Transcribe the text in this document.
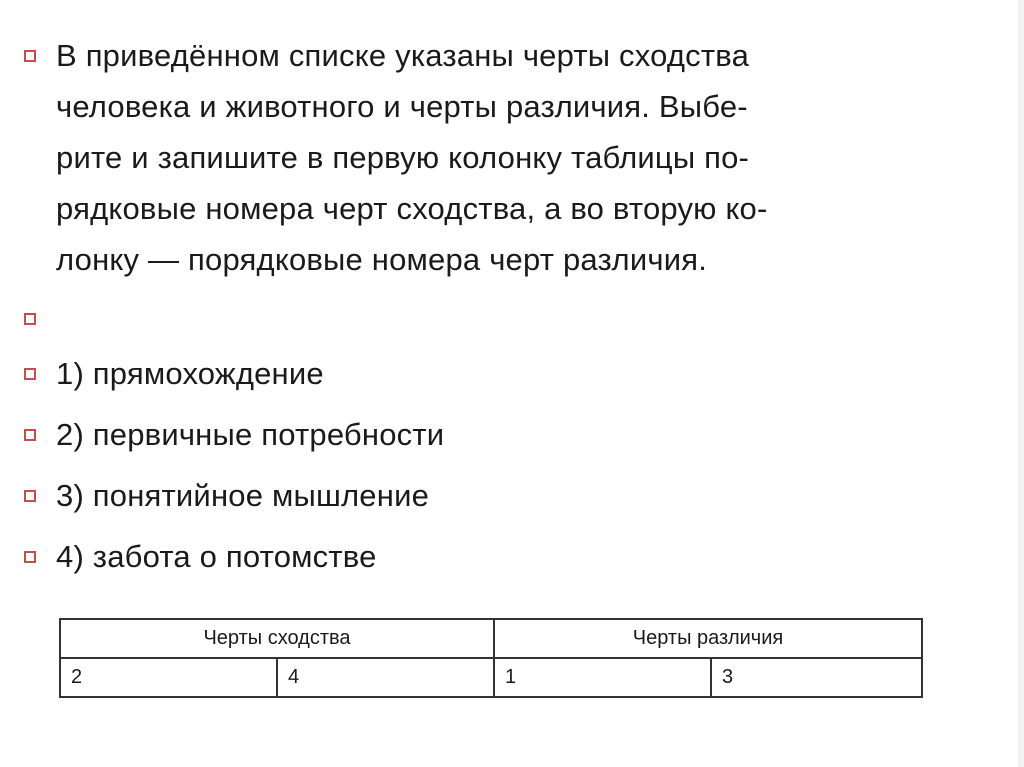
В приведённом списке указаны черты сходства
человека и животного и черты различия. Выбе-
рите и запишите в первую колонку таблицы по-
рядковые номера черт сходства, а во вторую ко-
лонку — порядковые номера черт различия.
1) прямохождение
2) первичные потребности
3) понятийное мышление
4) забота о потомстве
Черты сходства		Черты различия	
2	4	1	3
